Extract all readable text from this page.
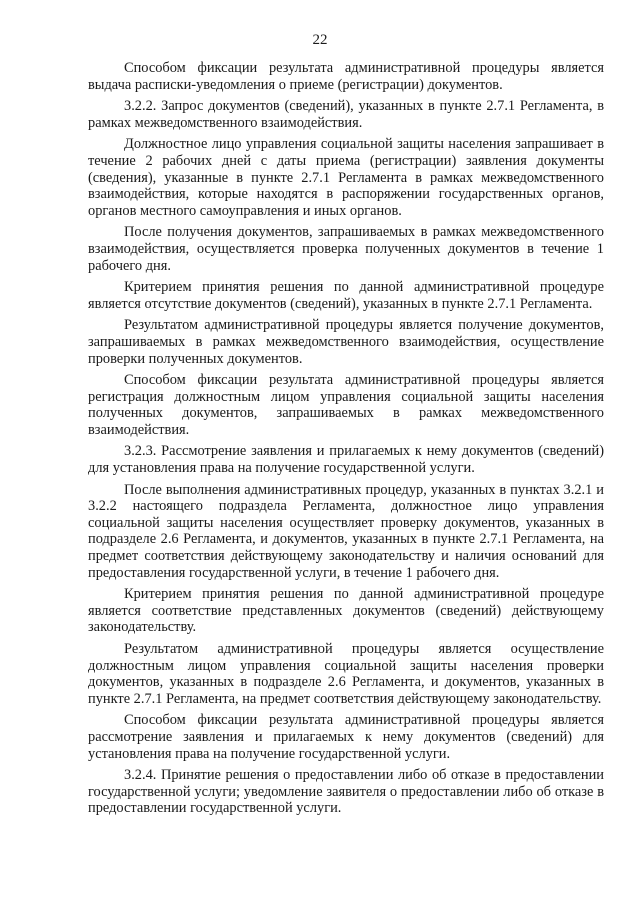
22

Способом фиксации результата административной процедуры является выдача расписки-уведомления о приеме (регистрации) документов.

3.2.2. Запрос документов (сведений), указанных в пункте 2.7.1 Регламента, в рамках межведомственного взаимодействия.

Должностное лицо управления социальной защиты населения запрашивает в течение 2 рабочих дней с даты приема (регистрации) заявления документы (сведения), указанные в пункте 2.7.1 Регламента в рамках межведомственного взаимодействия, которые находятся в распоряжении государственных органов, органов местного самоуправления и иных органов.

После получения документов, запрашиваемых в рамках межведомственного взаимодействия, осуществляется проверка полученных документов в течение 1 рабочего дня.

Критерием принятия решения по данной административной процедуре является отсутствие документов (сведений), указанных в пункте 2.7.1 Регламента.

Результатом административной процедуры является получение документов, запрашиваемых в рамках межведомственного взаимодействия, осуществление проверки полученных документов.

Способом фиксации результата административной процедуры является регистрация должностным лицом управления социальной защиты населения полученных документов, запрашиваемых в рамках межведомственного взаимодействия.

3.2.3. Рассмотрение заявления и прилагаемых к нему документов (сведений) для установления права на получение государственной услуги.

После выполнения административных процедур, указанных в пунктах 3.2.1 и 3.2.2 настоящего подраздела Регламента, должностное лицо управления социальной защиты населения осуществляет проверку документов, указанных в подразделе 2.6 Регламента, и документов, указанных в пункте 2.7.1 Регламента, на предмет соответствия действующему законодательству и наличия оснований для предоставления государственной услуги, в течение 1 рабочего дня.

Критерием принятия решения по данной административной процедуре является соответствие представленных документов (сведений) действующему законодательству.

Результатом административной процедуры является осуществление должностным лицом управления социальной защиты населения проверки документов, указанных в подразделе 2.6 Регламента, и документов, указанных в пункте 2.7.1 Регламента, на предмет соответствия действующему законодательству.

Способом фиксации результата административной процедуры является рассмотрение заявления и прилагаемых к нему документов (сведений) для установления права на получение государственной услуги.

3.2.4. Принятие решения о предоставлении либо об отказе в предоставлении государственной услуги; уведомление заявителя о предоставлении либо об отказе в предоставлении государственной услуги.
